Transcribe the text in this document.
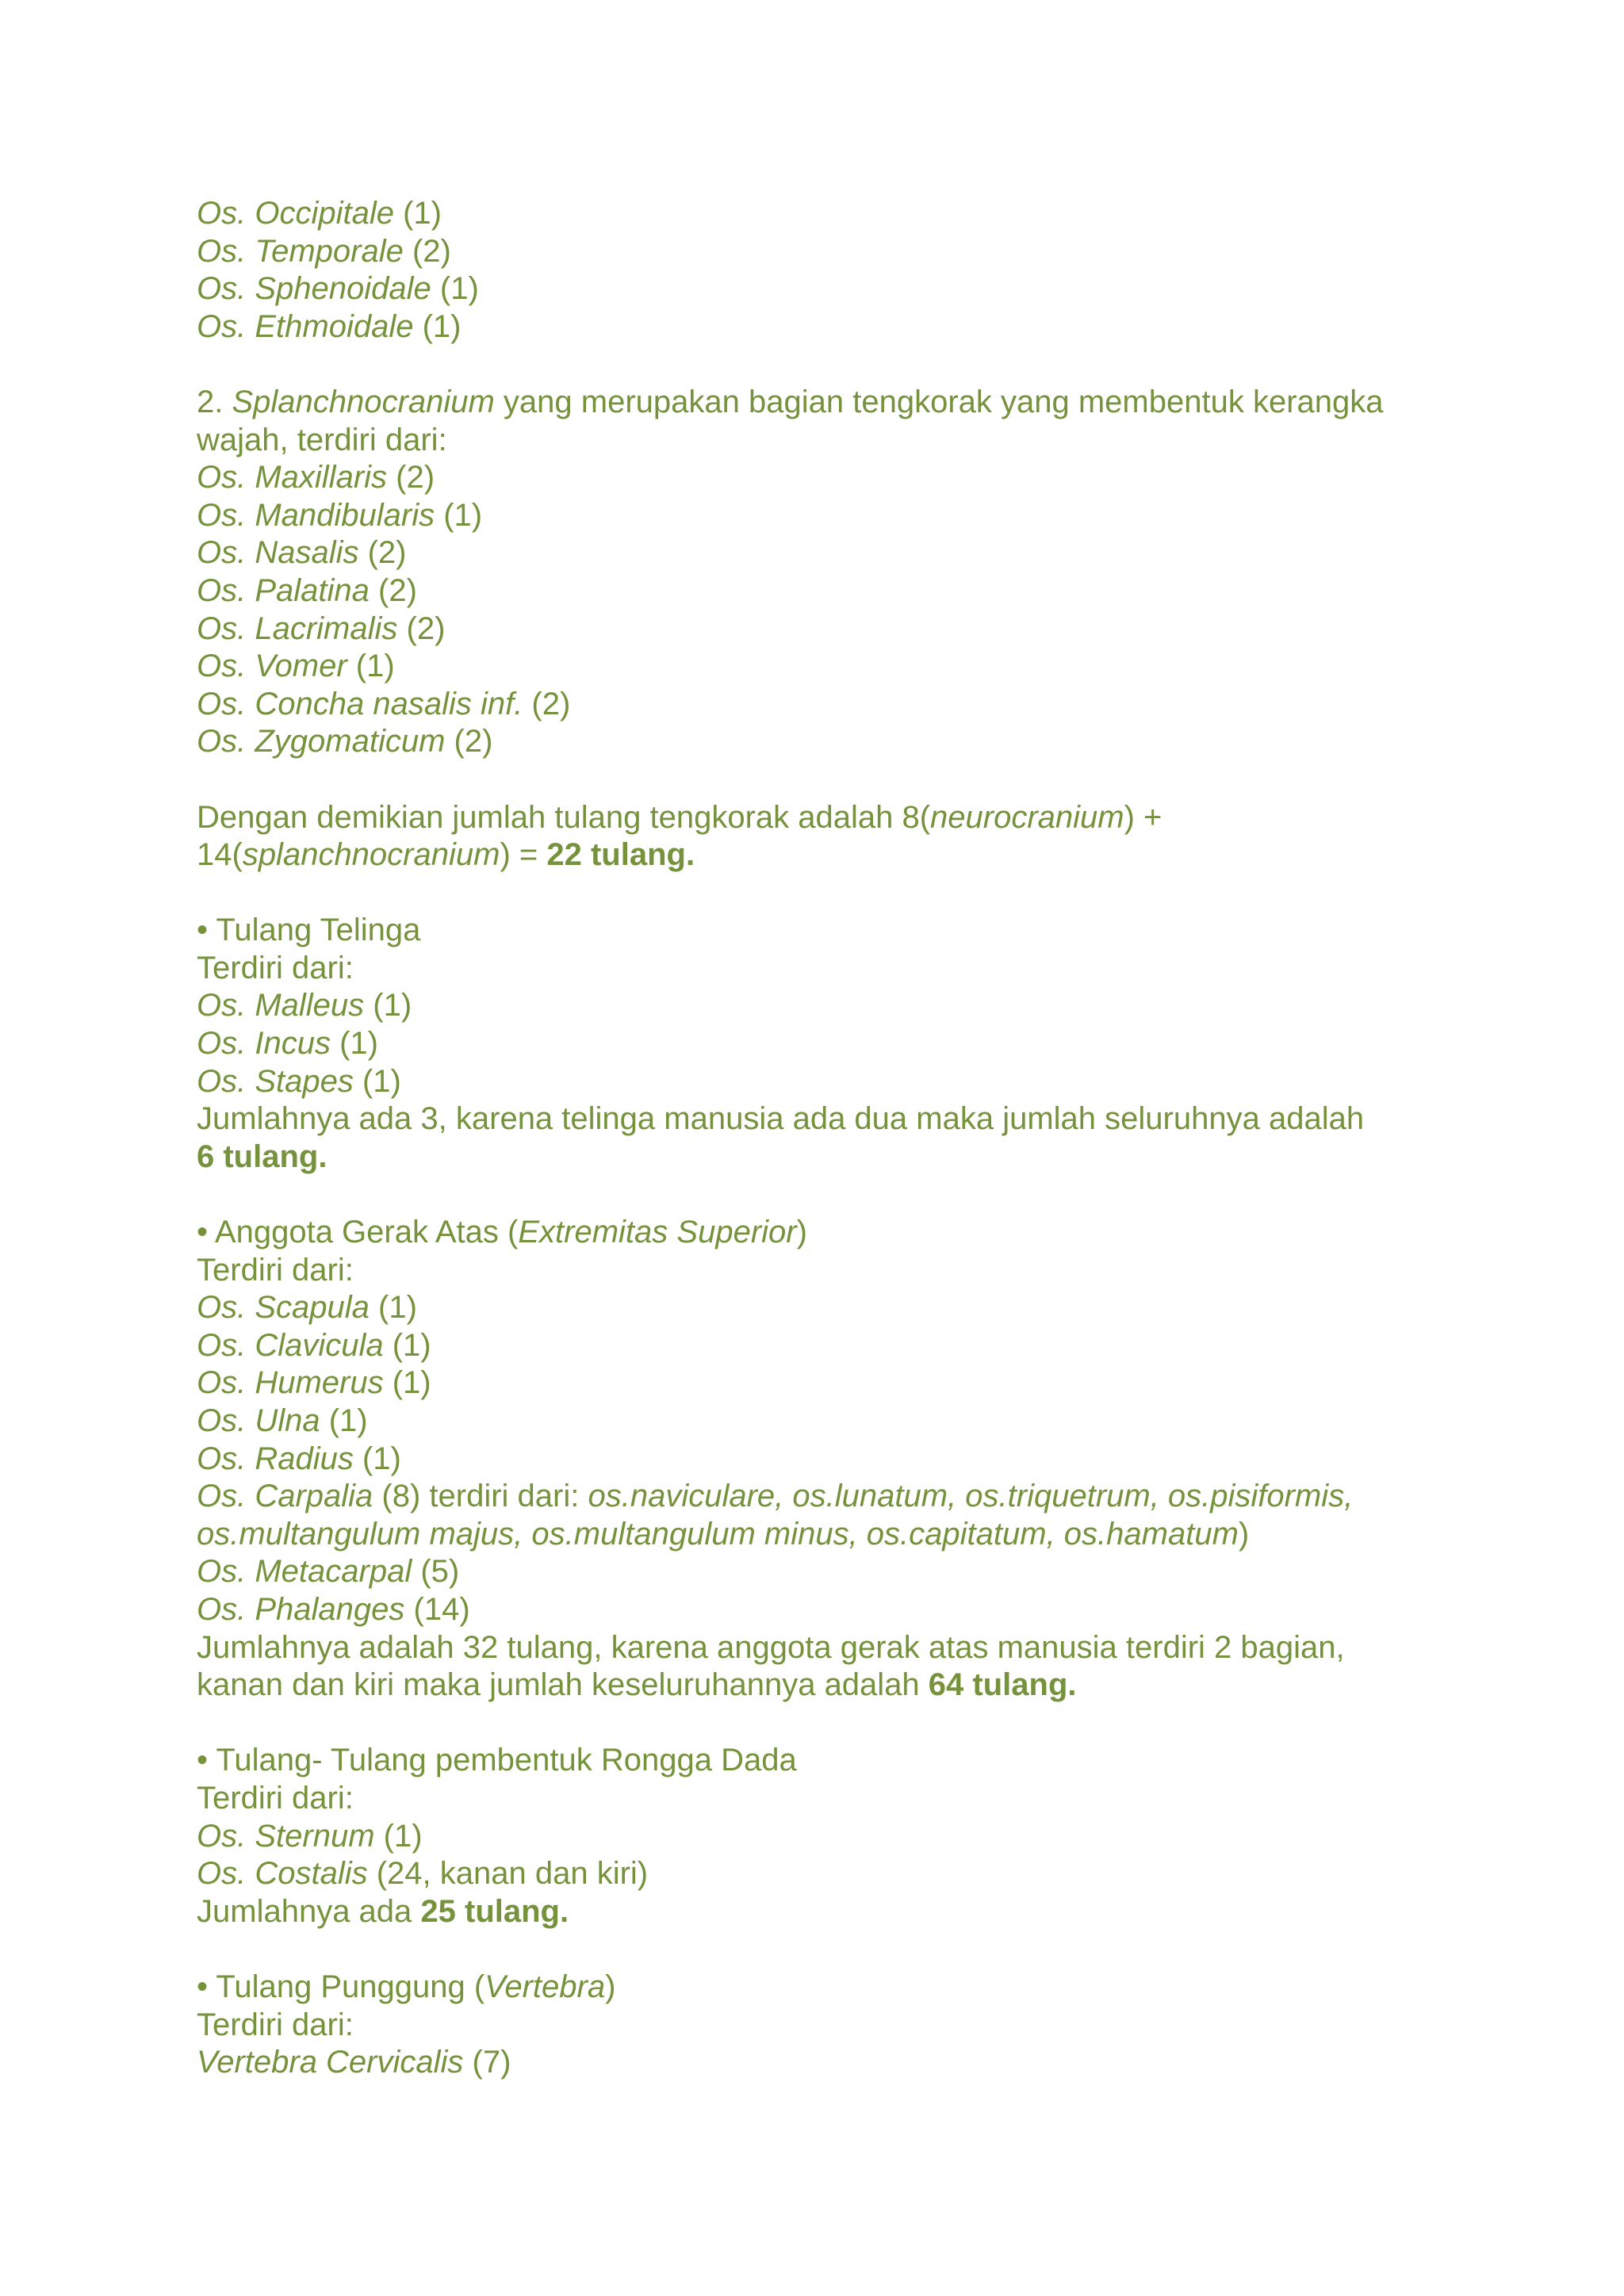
Os. Occipitale (1)

Os. Temporale (2)

Os. Sphenoidale (1)

Os. Ethmoidale (1)

2. Splanchnocranium yang merupakan bagian tengkorak yang membentuk kerangka

wajah, terdiri dari:

Os. Maxillaris (2)

Os. Mandibularis (1)

Os. Nasalis (2)

Os. Palatina (2)

Os. Lacrimalis (2)

Os. Vomer (1)

Os. Concha nasalis inf. (2)

Os. Zygomaticum (2)

Dengan demikian jumlah tulang tengkorak adalah 8(neurocranium) +

14(splanchnocranium) = 22 tulang.

• Tulang Telinga

Terdiri dari:

Os. Malleus (1)

Os. Incus (1)

Os. Stapes (1)

Jumlahnya ada 3, karena telinga manusia ada dua maka jumlah seluruhnya adalah

6 tulang.

• Anggota Gerak Atas (Extremitas Superior)

Terdiri dari:

Os. Scapula (1)

Os. Clavicula (1)

Os. Humerus (1)

Os. Ulna (1)

Os. Radius (1)

Os. Carpalia (8) terdiri dari: os.naviculare, os.lunatum, os.triquetrum, os.pisiformis,

os.multangulum majus, os.multangulum minus, os.capitatum, os.hamatum)

Os. Metacarpal (5)

Os. Phalanges (14)

Jumlahnya adalah 32 tulang, karena anggota gerak atas manusia terdiri 2 bagian,

kanan dan kiri maka jumlah keseluruhannya adalah 64 tulang.

• Tulang- Tulang pembentuk Rongga Dada

Terdiri dari:

Os. Sternum (1)

Os. Costalis (24, kanan dan kiri)

Jumlahnya ada 25 tulang.

• Tulang Punggung (Vertebra)

Terdiri dari:

Vertebra Cervicalis (7)
